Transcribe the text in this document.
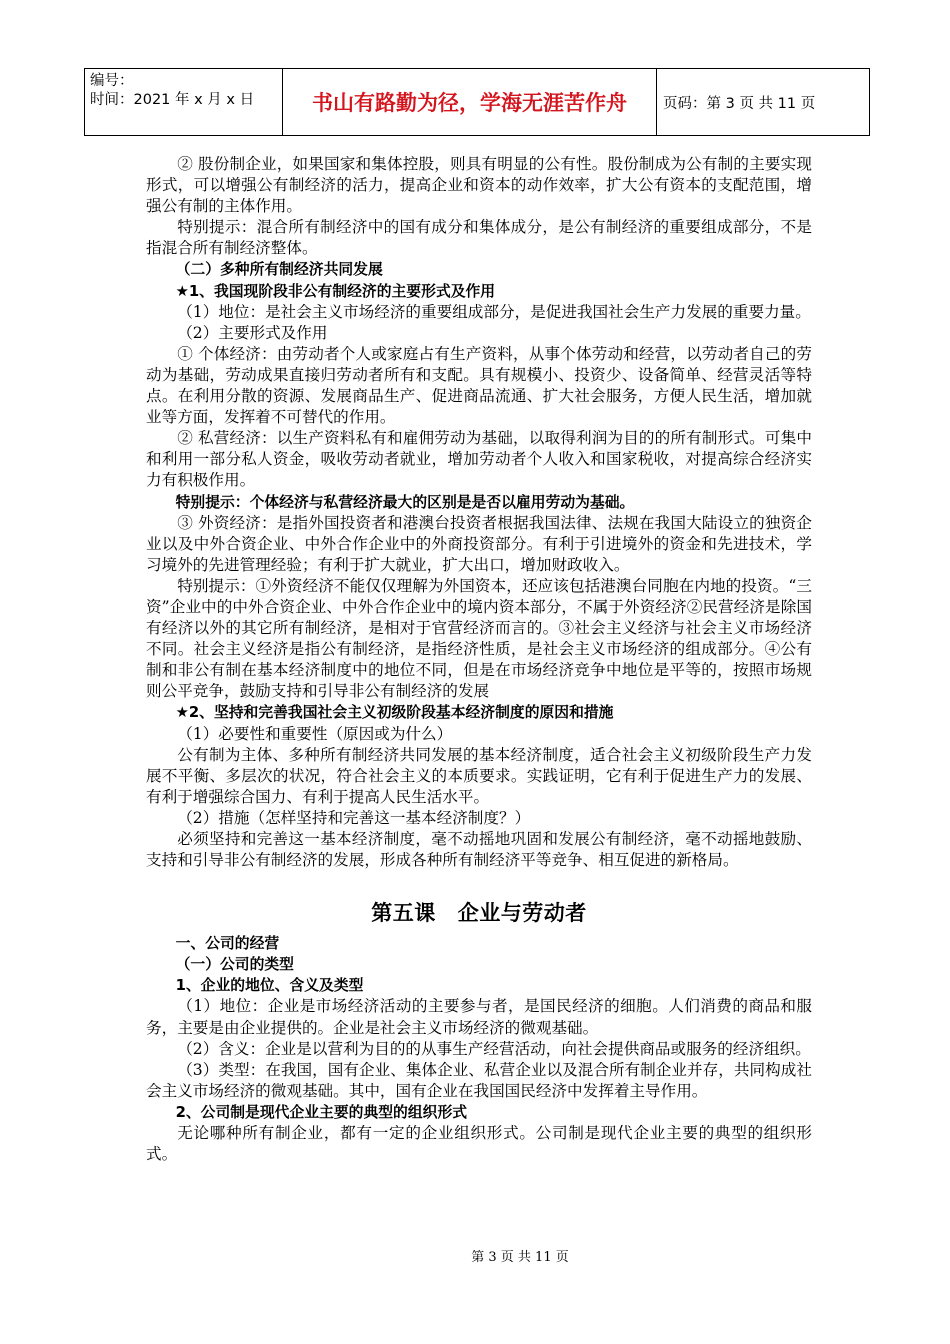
编号：
时间：2021 年 x 月 x 日	书山有路勤为径，学海无涯苦作舟	页码：第 3 页 共 11 页

② 股份制企业，如果国家和集体控股，则具有明显的公有性。股份制成为公有制的主要实现形式，可以增强公有制经济的活力，提高企业和资本的动作效率，扩大公有资本的支配范围，增强公有制的主体作用。

特别提示：混合所有制经济中的国有成分和集体成分，是公有制经济的重要组成部分，不是指混合所有制经济整体。

（二）多种所有制经济共同发展

★1、我国现阶段非公有制经济的主要形式及作用

（1）地位：是社会主义市场经济的重要组成部分，是促进我国社会生产力发展的重要力量。

（2）主要形式及作用

① 个体经济：由劳动者个人或家庭占有生产资料，从事个体劳动和经营，以劳动者自己的劳动为基础，劳动成果直接归劳动者所有和支配。具有规模小、投资少、设备简单、经营灵活等特点。在利用分散的资源、发展商品生产、促进商品流通、扩大社会服务，方便人民生活，增加就业等方面，发挥着不可替代的作用。

② 私营经济：以生产资料私有和雇佣劳动为基础，以取得利润为目的的所有制形式。可集中和利用一部分私人资金，吸收劳动者就业，增加劳动者个人收入和国家税收，对提高综合经济实力有积极作用。

特别提示：个体经济与私营经济最大的区别是是否以雇用劳动为基础。

③ 外资经济：是指外国投资者和港澳台投资者根据我国法律、法规在我国大陆设立的独资企业以及中外合资企业、中外合作企业中的外商投资部分。有利于引进境外的资金和先进技术，学习境外的先进管理经验；有利于扩大就业，扩大出口，增加财政收入。

特别提示：①外资经济不能仅仅理解为外国资本，还应该包括港澳台同胞在内地的投资。“三资”企业中的中外合资企业、中外合作企业中的境内资本部分，不属于外资经济②民营经济是除国有经济以外的其它所有制经济，是相对于官营经济而言的。③社会主义经济与社会主义市场经济不同。社会主义经济是指公有制经济，是指经济性质，是社会主义市场经济的组成部分。④公有制和非公有制在基本经济制度中的地位不同，但是在市场经济竞争中地位是平等的，按照市场规则公平竞争，鼓励支持和引导非公有制经济的发展

★2、坚持和完善我国社会主义初级阶段基本经济制度的原因和措施

（1）必要性和重要性（原因或为什么）

公有制为主体、多种所有制经济共同发展的基本经济制度，适合社会主义初级阶段生产力发展不平衡、多层次的状况，符合社会主义的本质要求。实践证明，它有利于促进生产力的发展、有利于增强综合国力、有利于提高人民生活水平。

（2）措施（怎样坚持和完善这一基本经济制度？）

必须坚持和完善这一基本经济制度，毫不动摇地巩固和发展公有制经济，毫不动摇地鼓励、支持和引导非公有制经济的发展，形成各种所有制经济平等竞争、相互促进的新格局。

第五课 企业与劳动者

一、公司的经营

（一）公司的类型

1、企业的地位、含义及类型

（1）地位：企业是市场经济活动的主要参与者，是国民经济的细胞。人们消费的商品和服务，主要是由企业提供的。企业是社会主义市场经济的微观基础。

（2）含义：企业是以营利为目的的从事生产经营活动，向社会提供商品或服务的经济组织。

（3）类型：在我国，国有企业、集体企业、私营企业以及混合所有制企业并存，共同构成社会主义市场经济的微观基础。其中，国有企业在我国国民经济中发挥着主导作用。

2、公司制是现代企业主要的典型的组织形式

无论哪种所有制企业，都有一定的企业组织形式。公司制是现代企业主要的典型的组织形式。

第 3 页 共 11 页
